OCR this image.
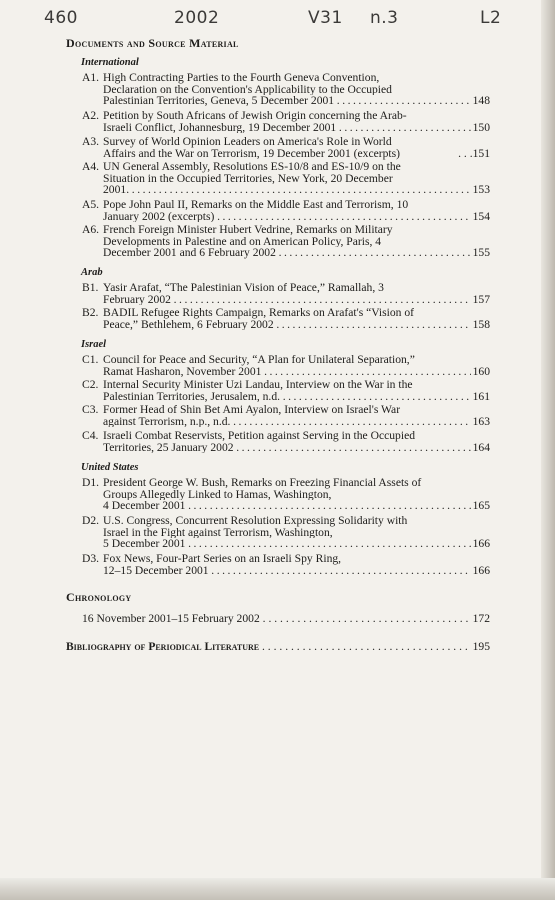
460	2002	V31 n.3	L2
Documents and Source Material
International
A1. High Contracting Parties to the Fourth Geneva Convention,
Declaration on the Convention's Applicability to the Occupied
Palestinian Territories, Geneva, 5 December 2001	148
. . .
A2. Petition by South Africans of Jewish Origin concerning the Arab-
Israeli Conflict, Johannesburg, 19 December 2001	150
. . .
A3. Survey of World Opinion Leaders on America's Role in World
Affairs and the War on Terrorism, 19 December 2001 (excerpts)	. . .151
A4. UN General Assembly, Resolutions ES-10/8 and ES-10/9 on the
Situation in the Occupied Territories, New York, 20 December
2001.	153
. . .
A5. Pope John Paul II, Remarks on the Middle East and Terrorism, 10
January 2002 (excerpts)	154
. . .
A6. French Foreign Minister Hubert Vedrine, Remarks on Military
Developments in Palestine and on American Policy, Paris, 4
December 2001 and 6 February 2002	155
. . .
Arab
B1. Yasir Arafat, “The Palestinian Vision of Peace,” Ramallah, 3
February 2002	157
. . .
B2. BADIL Refugee Rights Campaign, Remarks on Arafat's “Vision of
Peace,” Bethlehem, 6 February 2002	158
. . .
Israel
C1. Council for Peace and Security, “A Plan for Unilateral Separation,”
Ramat Hasharon, November 2001	160
. . .
C2. Internal Security Minister Uzi Landau, Interview on the War in the
Palestinian Territories, Jerusalem, n.d.	161
. . .
C3. Former Head of Shin Bet Ami Ayalon, Interview on Israel's War
against Terrorism, n.p., n.d.	163
. . .
C4. Israeli Combat Reservists, Petition against Serving in the Occupied
Territories, 25 January 2002	164
. . .
United States
D1. President George W. Bush, Remarks on Freezing Financial Assets of
Groups Allegedly Linked to Hamas, Washington,
4 December 2001	165
. . .
D2. U.S. Congress, Concurrent Resolution Expressing Solidarity with
Israel in the Fight against Terrorism, Washington,
5 December 2001	166
. . .
D3. Fox News, Four-Part Series on an Israeli Spy Ring,
12–15 December 2001	166
. . .
Chronology
16 November 2001–15 February 2002	172
. . .
Bibliography of Periodical Literature	195
. . .
